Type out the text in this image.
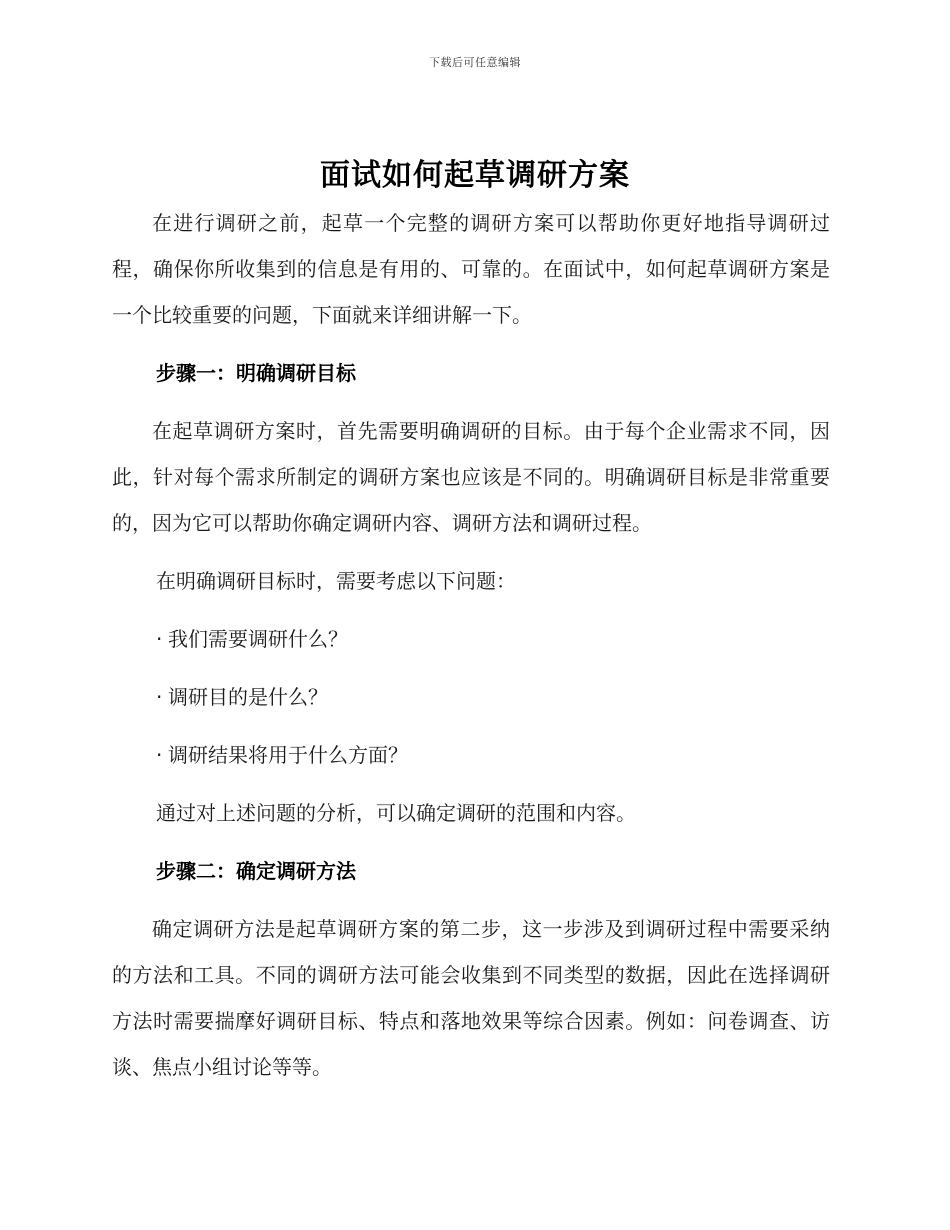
下载后可任意编辑
面试如何起草调研方案

在进行调研之前，起草一个完整的调研方案可以帮助你更好地指导调研过程，确保你所收集到的信息是有用的、可靠的。在面试中，如何起草调研方案是一个比较重要的问题，下面就来详细讲解一下。

步骤一：明确调研目标

在起草调研方案时，首先需要明确调研的目标。由于每个企业需求不同，因此，针对每个需求所制定的调研方案也应该是不同的。明确调研目标是非常重要的，因为它可以帮助你确定调研内容、调研方法和调研过程。

在明确调研目标时，需要考虑以下问题：

· 我们需要调研什么？

· 调研目的是什么？

· 调研结果将用于什么方面？

通过对上述问题的分析，可以确定调研的范围和内容。

步骤二：确定调研方法

确定调研方法是起草调研方案的第二步，这一步涉及到调研过程中需要采纳的方法和工具。不同的调研方法可能会收集到不同类型的数据，因此在选择调研方法时需要揣摩好调研目标、特点和落地效果等综合因素。例如：问卷调查、访谈、焦点小组讨论等等。
